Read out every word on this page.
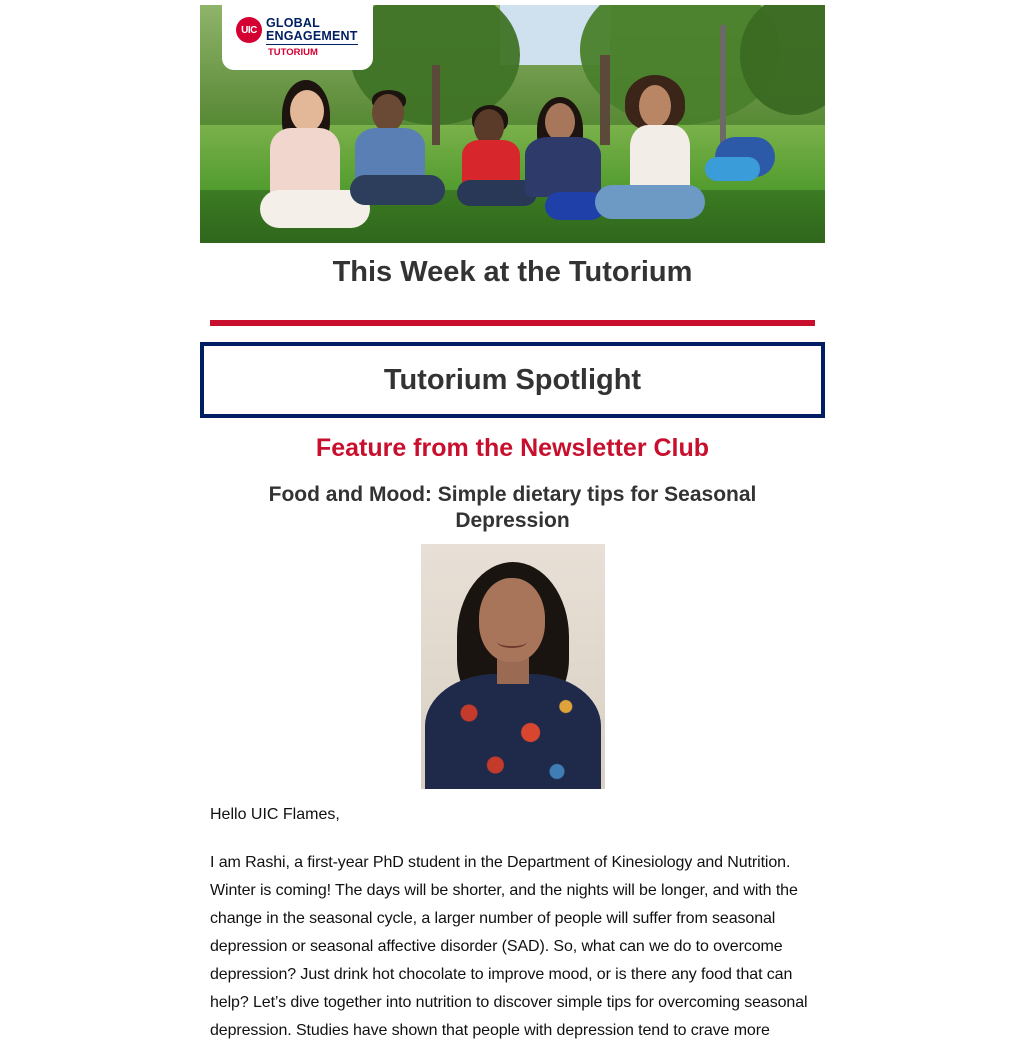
UIC GLOBAL
ENGAGEMENT
TUTORIUM
This Week at the Tutorium
Tutorium Spotlight
Feature from the Newsletter Club
Food and Mood: Simple dietary tips for Seasonal Depression
Hello UIC Flames,
I am Rashi, a first-year PhD student in the Department of Kinesiology and Nutrition. Winter is coming! The days will be shorter, and the nights will be longer, and with the change in the seasonal cycle, a larger number of people will suffer from seasonal depression or seasonal affective disorder (SAD). So, what can we do to overcome depression? Just drink hot chocolate to improve mood, or is there any food that can help? Let’s dive together into nutrition to discover simple tips for overcoming seasonal depression. Studies have shown that people with depression tend to crave more
